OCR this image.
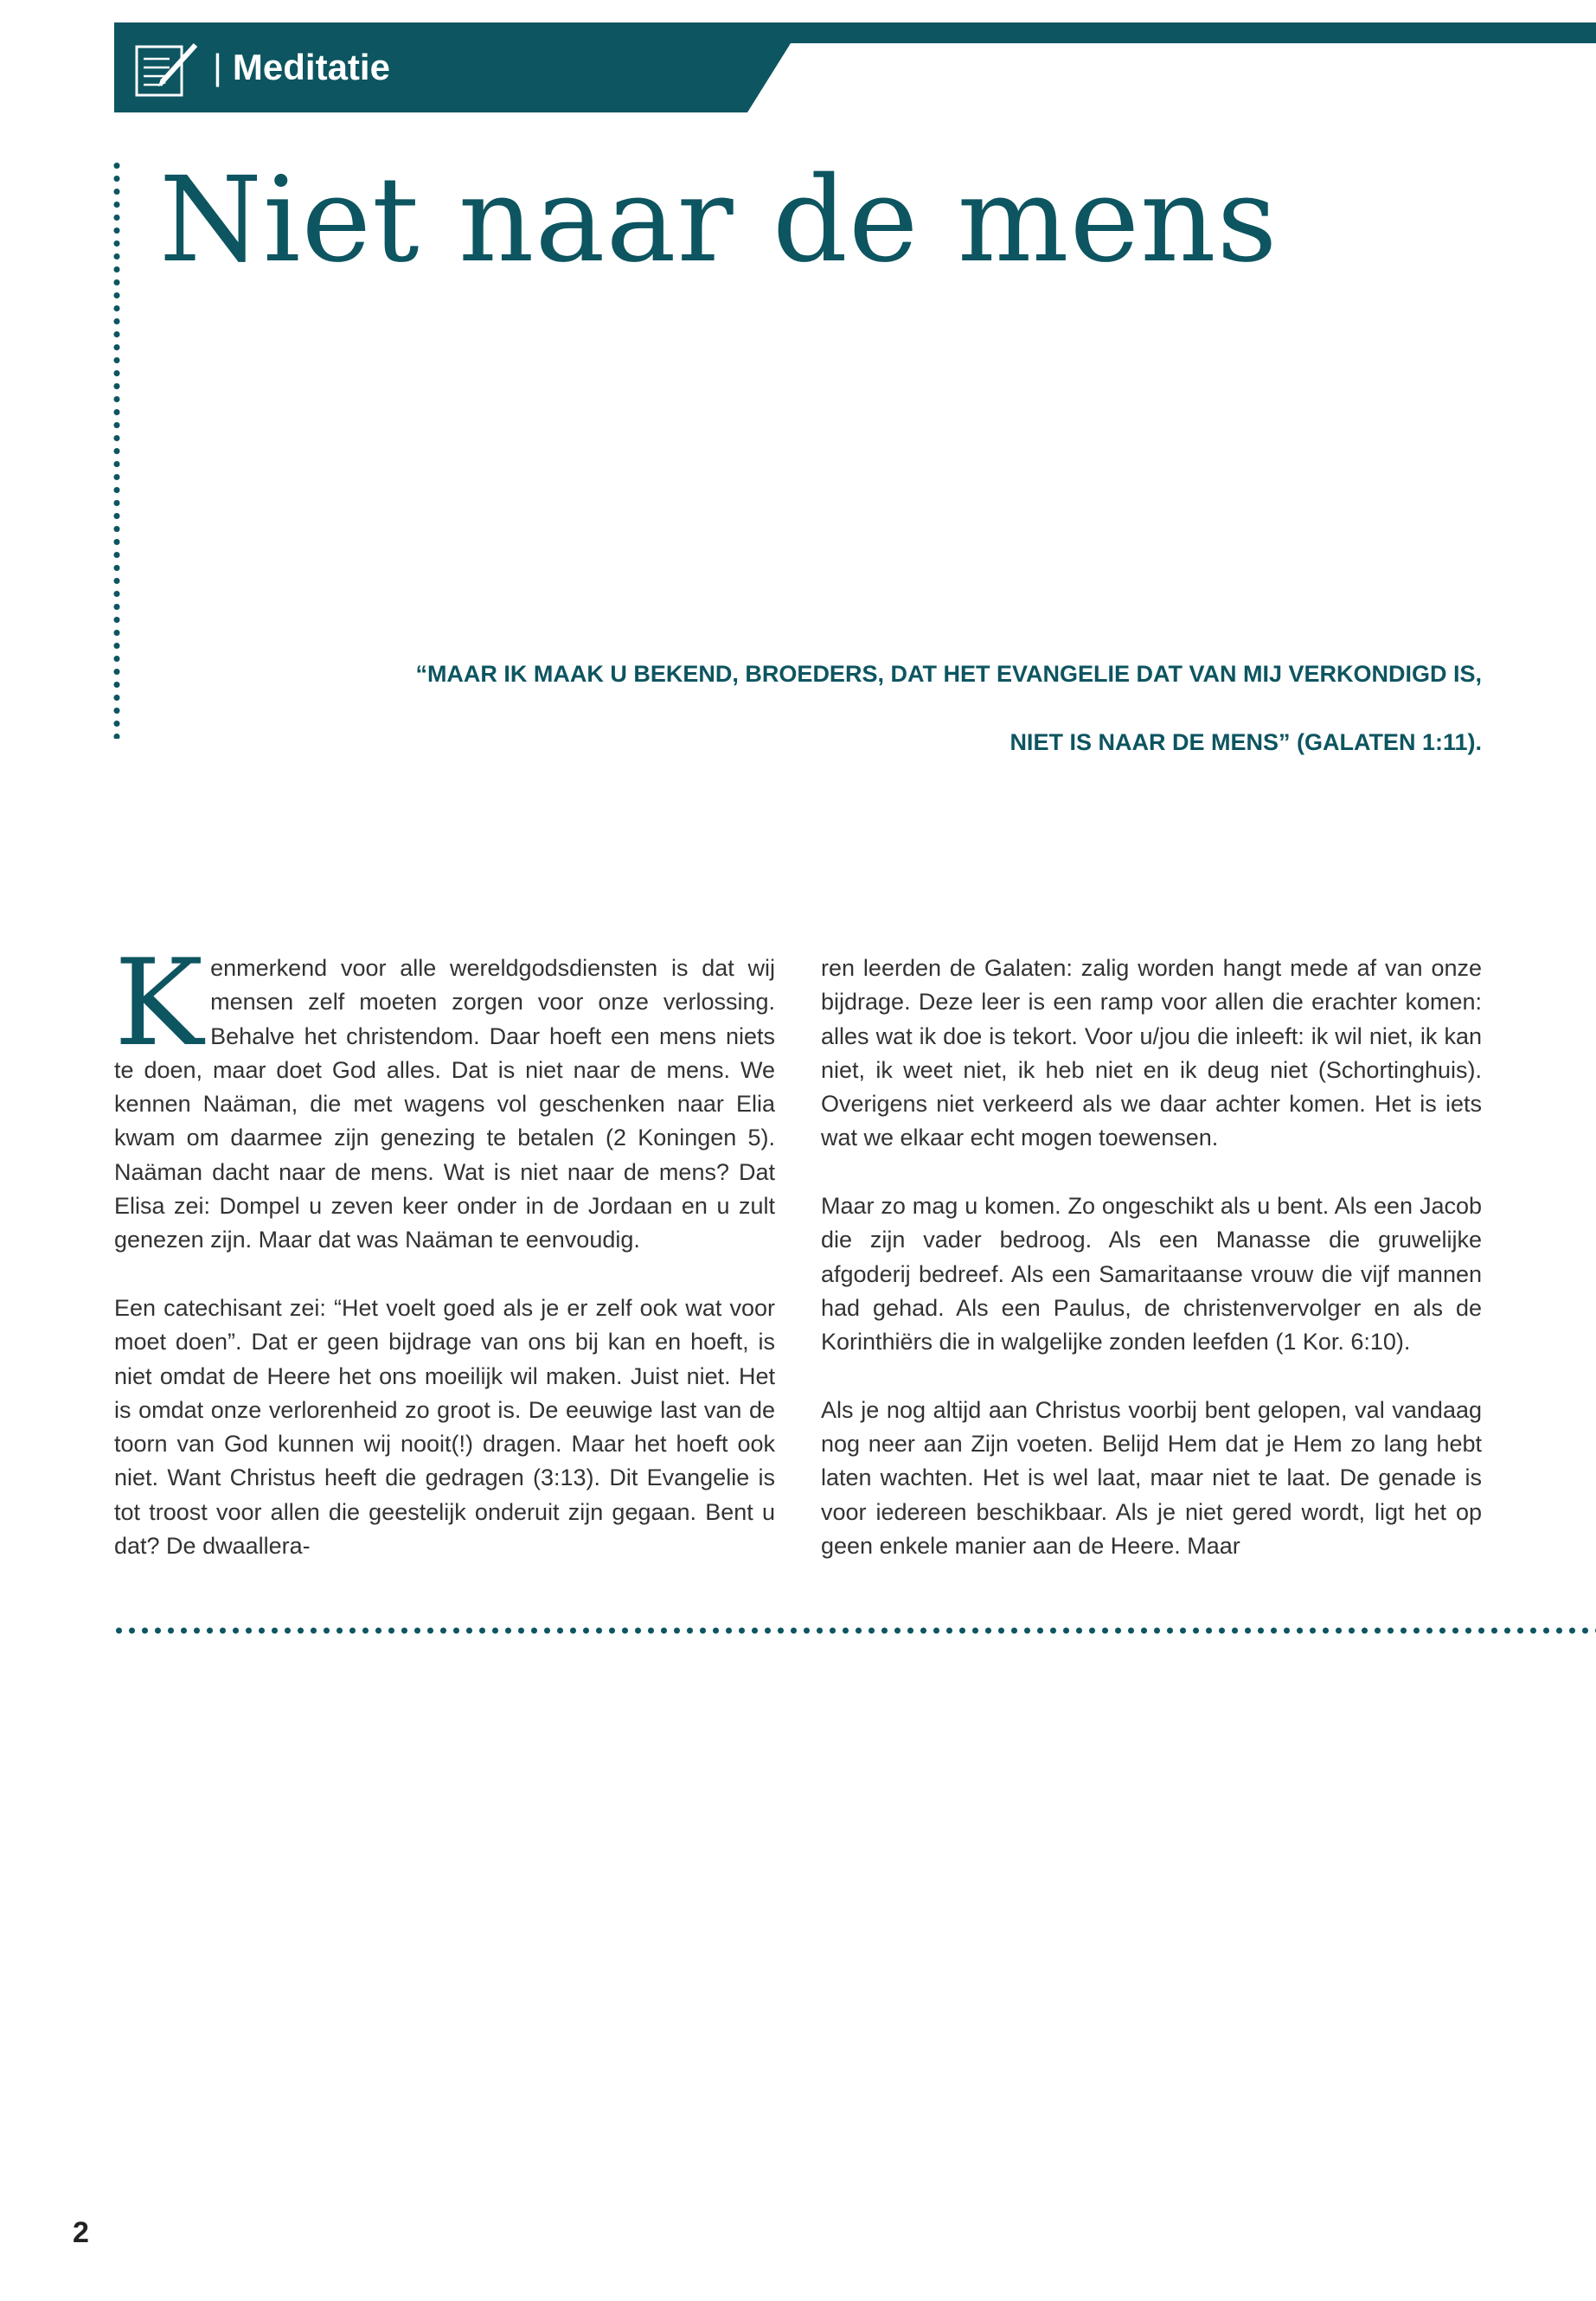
| Meditatie
Niet naar de mens

“MAAR IK MAAK U BEKEND, BROEDERS, DAT HET EVANGELIE DAT VAN MIJ VERKONDIGD IS,

NIET IS NAAR DE MENS” (GALATEN 1:11).

Kenmerkend voor alle wereldgodsdiensten is dat wij mensen zelf moeten zorgen voor onze verlossing. Behalve het christendom. Daar hoeft een mens niets te doen, maar doet God alles. Dat is niet naar de mens. We kennen Naäman, die met wagens vol geschenken naar Elia kwam om daarmee zijn genezing te betalen (2 Koningen 5). Naäman dacht naar de mens. Wat is niet naar de mens? Dat Elisa zei: Dompel u zeven keer onder in de Jordaan en u zult genezen zijn. Maar dat was Naäman te eenvoudig.

Een catechisant zei: “Het voelt goed als je er zelf ook wat voor moet doen”. Dat er geen bijdrage van ons bij kan en hoeft, is niet omdat de Heere het ons moeilijk wil maken. Juist niet. Het is omdat onze verlorenheid zo groot is. De eeuwige last van de toorn van God kunnen wij nooit(!) dragen. Maar het hoeft ook niet. Want Christus heeft die gedragen (3:13). Dit Evangelie is tot troost voor allen die geestelijk onderuit zijn gegaan. Bent u dat? De dwaallera-

ren leerden de Galaten: zalig worden hangt mede af van onze bijdrage. Deze leer is een ramp voor allen die erachter komen: alles wat ik doe is tekort. Voor u/jou die inleeft: ik wil niet, ik kan niet, ik weet niet, ik heb niet en ik deug niet (Schortinghuis). Overigens niet verkeerd als we daar achter komen. Het is iets wat we elkaar echt mogen toewensen.

Maar zo mag u komen. Zo ongeschikt als u bent. Als een Jacob die zijn vader bedroog. Als een Manasse die gruwelijke afgoderij bedreef. Als een Samaritaanse vrouw die vijf mannen had gehad. Als een Paulus, de christenvervolger en als de Korinthiërs die in walgelijke zonden leefden (1 Kor. 6:10).

Als je nog altijd aan Christus voorbij bent gelopen, val vandaag nog neer aan Zijn voeten. Belijd Hem dat je Hem zo lang hebt laten wachten. Het is wel laat, maar niet te laat. De genade is voor iedereen beschikbaar. Als je niet gered wordt, ligt het op geen enkele manier aan de Heere. Maar

2
